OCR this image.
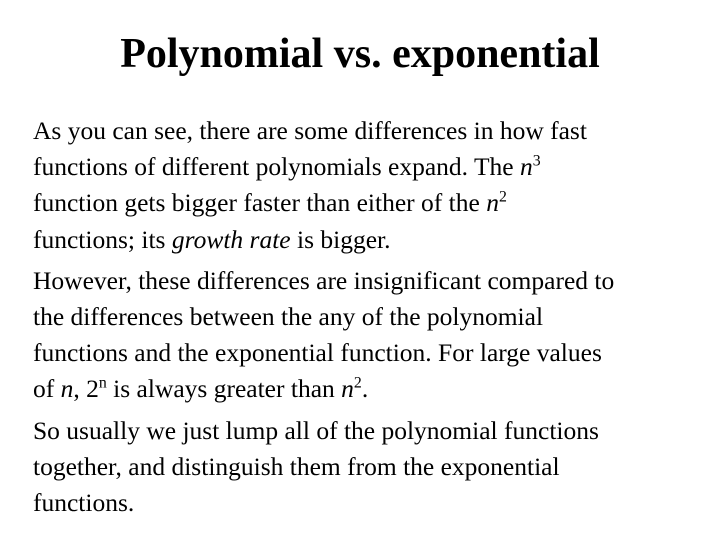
Polynomial vs. exponential

As you can see, there are some differences in how fast
functions of different polynomials expand. The $n^3$
function gets bigger faster than either of the $n^2$
functions; its growth rate is bigger.

However, these differences are insignificant compared to
the differences between the any of the polynomial
functions and the exponential function. For large values
of n, 2$^n$ is always greater than $n^2$.

So usually we just lump all of the polynomial functions
together, and distinguish them from the exponential
functions.
